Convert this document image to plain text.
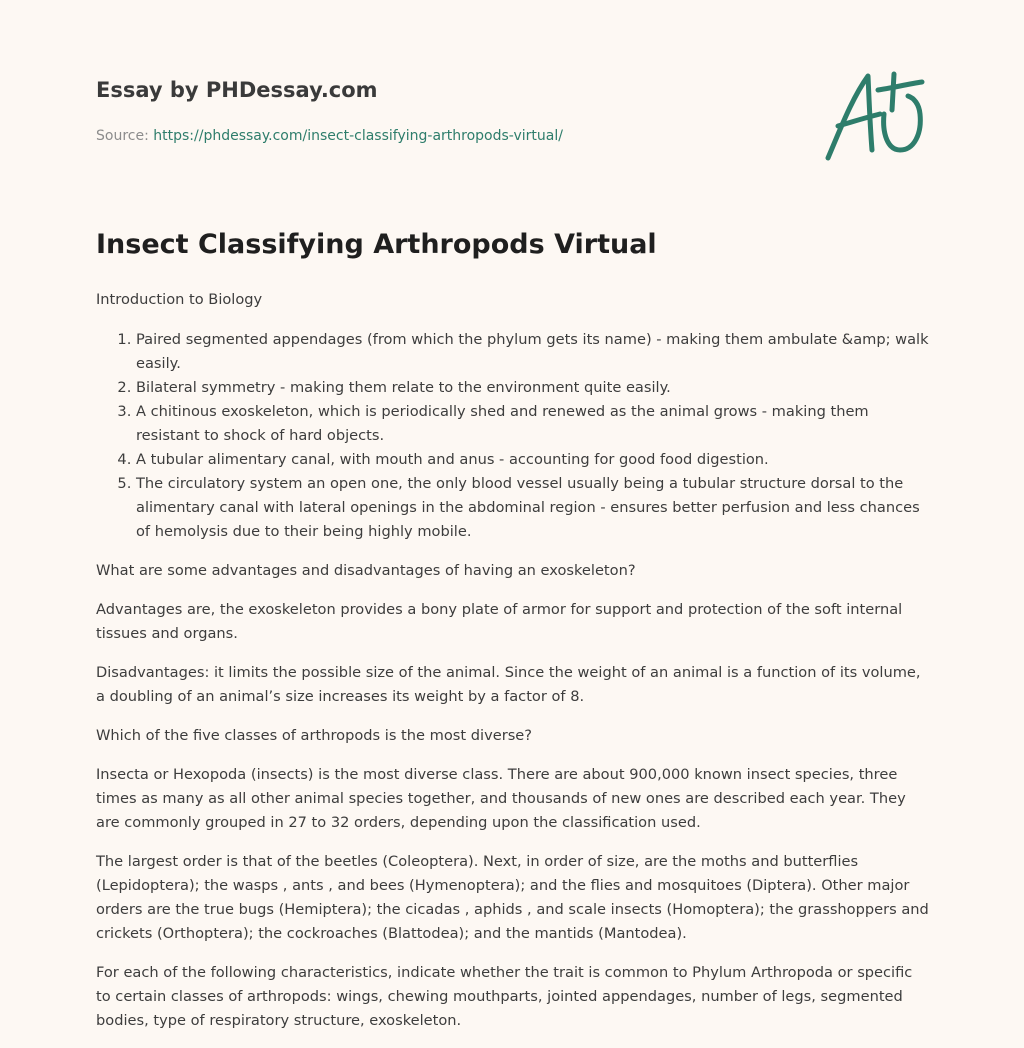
Essay by PHDessay.com
Source: https://phdessay.com/insect-classifying-arthropods-virtual/
Insect Classifying Arthropods Virtual

Introduction to Biology

1. Paired segmented appendages (from which the phylum gets its name) - making them ambulate &amp; walk easily.
2. Bilateral symmetry - making them relate to the environment quite easily.
3. A chitinous exoskeleton, which is periodically shed and renewed as the animal grows - making them resistant to shock of hard objects.
4. A tubular alimentary canal, with mouth and anus - accounting for good food digestion.
5. The circulatory system an open one, the only blood vessel usually being a tubular structure dorsal to the alimentary canal with lateral openings in the abdominal region - ensures better perfusion and less chances of hemolysis due to their being highly mobile.

What are some advantages and disadvantages of having an exoskeleton?

Advantages are, the exoskeleton provides a bony plate of armor for support and protection of the soft internal tissues and organs.

Disadvantages: it limits the possible size of the animal. Since the weight of an animal is a function of its volume, a doubling of an animal’s size increases its weight by a factor of 8.

Which of the five classes of arthropods is the most diverse?

Insecta or Hexopoda (insects) is the most diverse class. There are about 900,000 known insect species, three times as many as all other animal species together, and thousands of new ones are described each year. They are commonly grouped in 27 to 32 orders, depending upon the classification used.

The largest order is that of the beetles (Coleoptera). Next, in order of size, are the moths and butterflies (Lepidoptera); the wasps , ants , and bees (Hymenoptera); and the flies and mosquitoes (Diptera). Other major orders are the true bugs (Hemiptera); the cicadas , aphids , and scale insects (Homoptera); the grasshoppers and crickets (Orthoptera); the cockroaches (Blattodea); and the mantids (Mantodea).

For each of the following characteristics, indicate whether the trait is common to Phylum Arthropoda or specific to certain classes of arthropods: wings, chewing mouthparts, jointed appendages, number of legs, segmented bodies, type of respiratory structure, exoskeleton.
